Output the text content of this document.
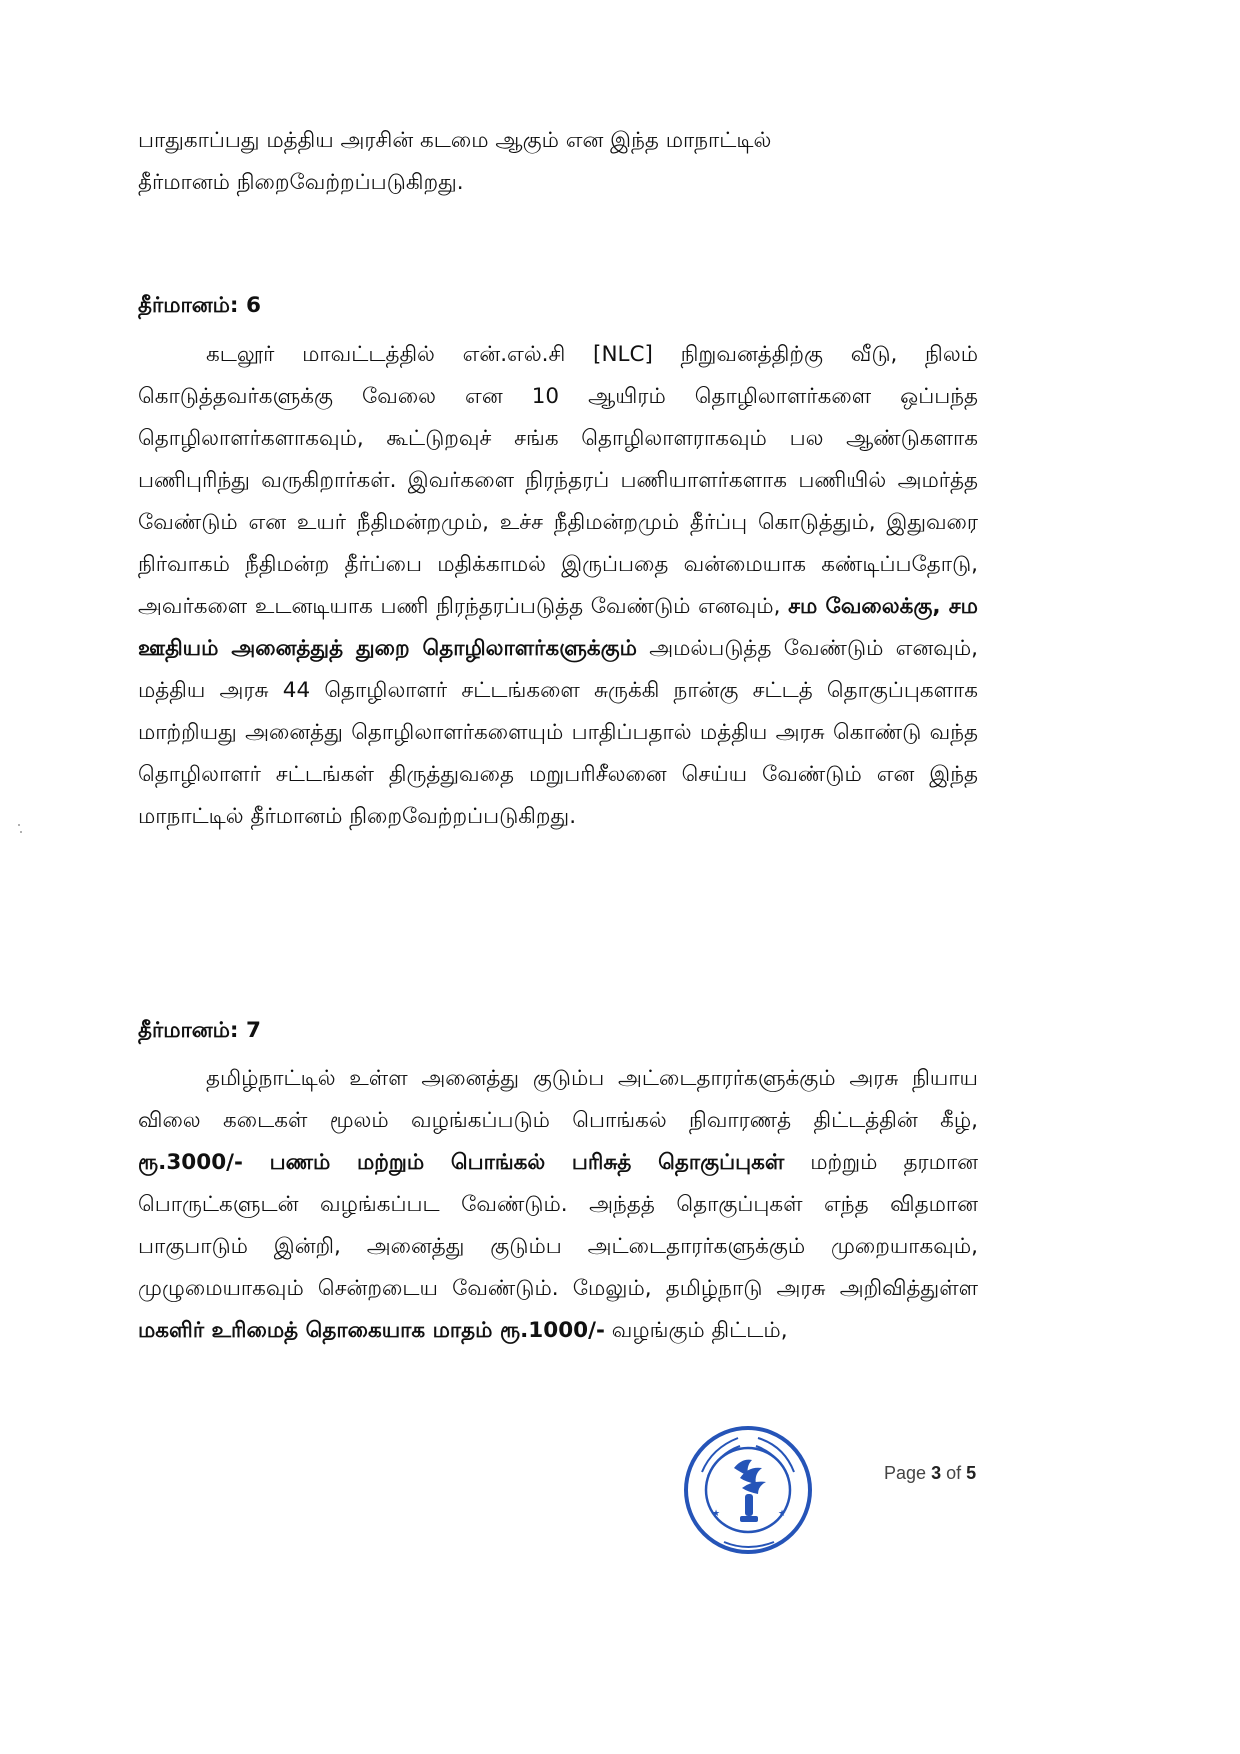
பாதுகாப்பது மத்திய அரசின் கடமை ஆகும் என இந்த மாநாட்டில்
தீர்மானம் நிறைவேற்றப்படுகிறது.

தீர்மானம்: 6

கடலூர் மாவட்டத்தில் என்.எல்.சி [NLC] நிறுவனத்திற்கு வீடு, நிலம் கொடுத்தவர்களுக்கு வேலை என 10 ஆயிரம் தொழிலாளர்களை ஒப்பந்த தொழிலாளர்களாகவும், கூட்டுறவுச் சங்க தொழிலாளராகவும் பல ஆண்டுகளாக பணிபுரிந்து வருகிறார்கள். இவர்களை நிரந்தரப் பணியாளர்களாக பணியில் அமர்த்த வேண்டும் என உயர் நீதிமன்றமும், உச்ச நீதிமன்றமும் தீர்ப்பு கொடுத்தும், இதுவரை நிர்வாகம் நீதிமன்ற தீர்ப்பை மதிக்காமல் இருப்பதை வன்மையாக கண்டிப்பதோடு, அவர்களை உடனடியாக பணி நிரந்தரப்படுத்த வேண்டும் எனவும், சம வேலைக்கு, சம ஊதியம் அனைத்துத் துறை தொழிலாளர்களுக்கும் அமல்படுத்த வேண்டும் எனவும், மத்திய அரசு 44 தொழிலாளர் சட்டங்களை சுருக்கி நான்கு சட்டத் தொகுப்புகளாக மாற்றியது அனைத்து தொழிலாளர்களையும் பாதிப்பதால் மத்திய அரசு கொண்டு வந்த தொழிலாளர் சட்டங்கள் திருத்துவதை மறுபரிசீலனை செய்ய வேண்டும் என இந்த மாநாட்டில் தீர்மானம் நிறைவேற்றப்படுகிறது.

தீர்மானம்: 7

தமிழ்நாட்டில் உள்ள அனைத்து குடும்ப அட்டைதாரர்களுக்கும் அரசு நியாய விலை கடைகள் மூலம் வழங்கப்படும் பொங்கல் நிவாரணத் திட்டத்தின் கீழ், ரூ.3000/- பணம் மற்றும் பொங்கல் பரிசுத் தொகுப்புகள் மற்றும் தரமான பொருட்களுடன் வழங்கப்பட வேண்டும். அந்தத் தொகுப்புகள் எந்த விதமான பாகுபாடும் இன்றி, அனைத்து குடும்ப அட்டைதாரர்களுக்கும் முறையாகவும், முழுமையாகவும் சென்றடைய வேண்டும். மேலும், தமிழ்நாடு அரசு அறிவித்துள்ள மகளிர் உரிமைத் தொகையாக மாதம் ரூ.1000/- வழங்கும் திட்டம்,

Page 3 of 5
★	★
